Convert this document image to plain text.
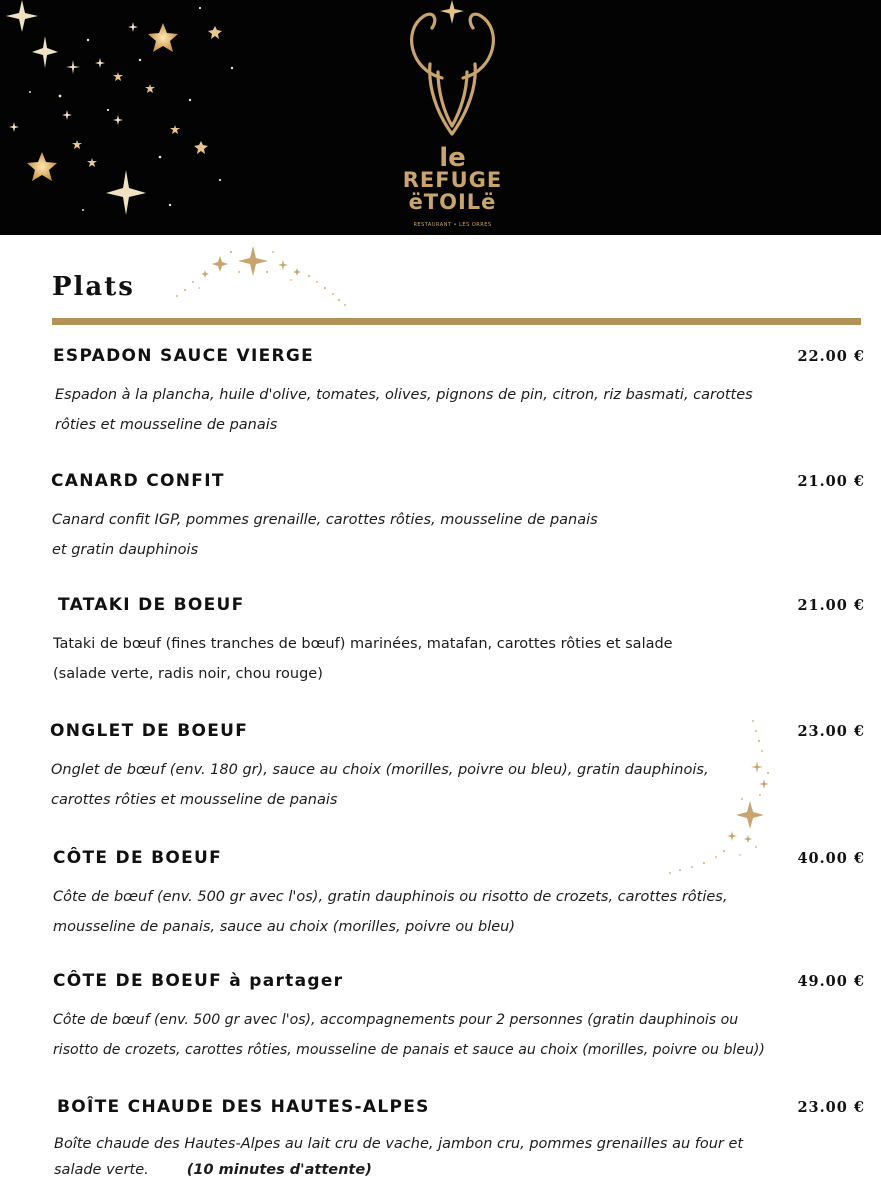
le
REFUGE
ëTOILë
RESTAURANT • LES ORRES
Plats
ESPADON SAUCE VIERGE	22.00 €
Espadon à la plancha, huile d'olive, tomates, olives, pignons de pin, citron, riz basmati, carottes
rôties et mousseline de panais
CANARD CONFIT	21.00 €
Canard confit IGP, pommes grenaille, carottes rôties, mousseline de panais
et gratin dauphinois
TATAKI DE BOEUF	21.00 €
Tataki de bœuf (fines tranches de bœuf) marinées, matafan, carottes rôties et salade
(salade verte, radis noir, chou rouge)
ONGLET DE BOEUF	23.00 €
Onglet de bœuf (env. 180 gr), sauce au choix (morilles, poivre ou bleu), gratin dauphinois,
carottes rôties et mousseline de panais
CÔTE DE BOEUF	40.00 €
Côte de bœuf (env. 500 gr avec l'os), gratin dauphinois ou risotto de crozets, carottes rôties,
mousseline de panais, sauce au choix (morilles, poivre ou bleu)
CÔTE DE BOEUF à partager	49.00 €
Côte de bœuf (env. 500 gr avec l'os), accompagnements pour 2 personnes (gratin dauphinois ou
risotto de crozets, carottes rôties, mousseline de panais et sauce au choix (morilles, poivre ou bleu))
BOÎTE CHAUDE DES HAUTES-ALPES	23.00 €
Boîte chaude des Hautes-Alpes au lait cru de vache, jambon cru, pommes grenailles au four et
salade verte.	(10 minutes d'attente)
